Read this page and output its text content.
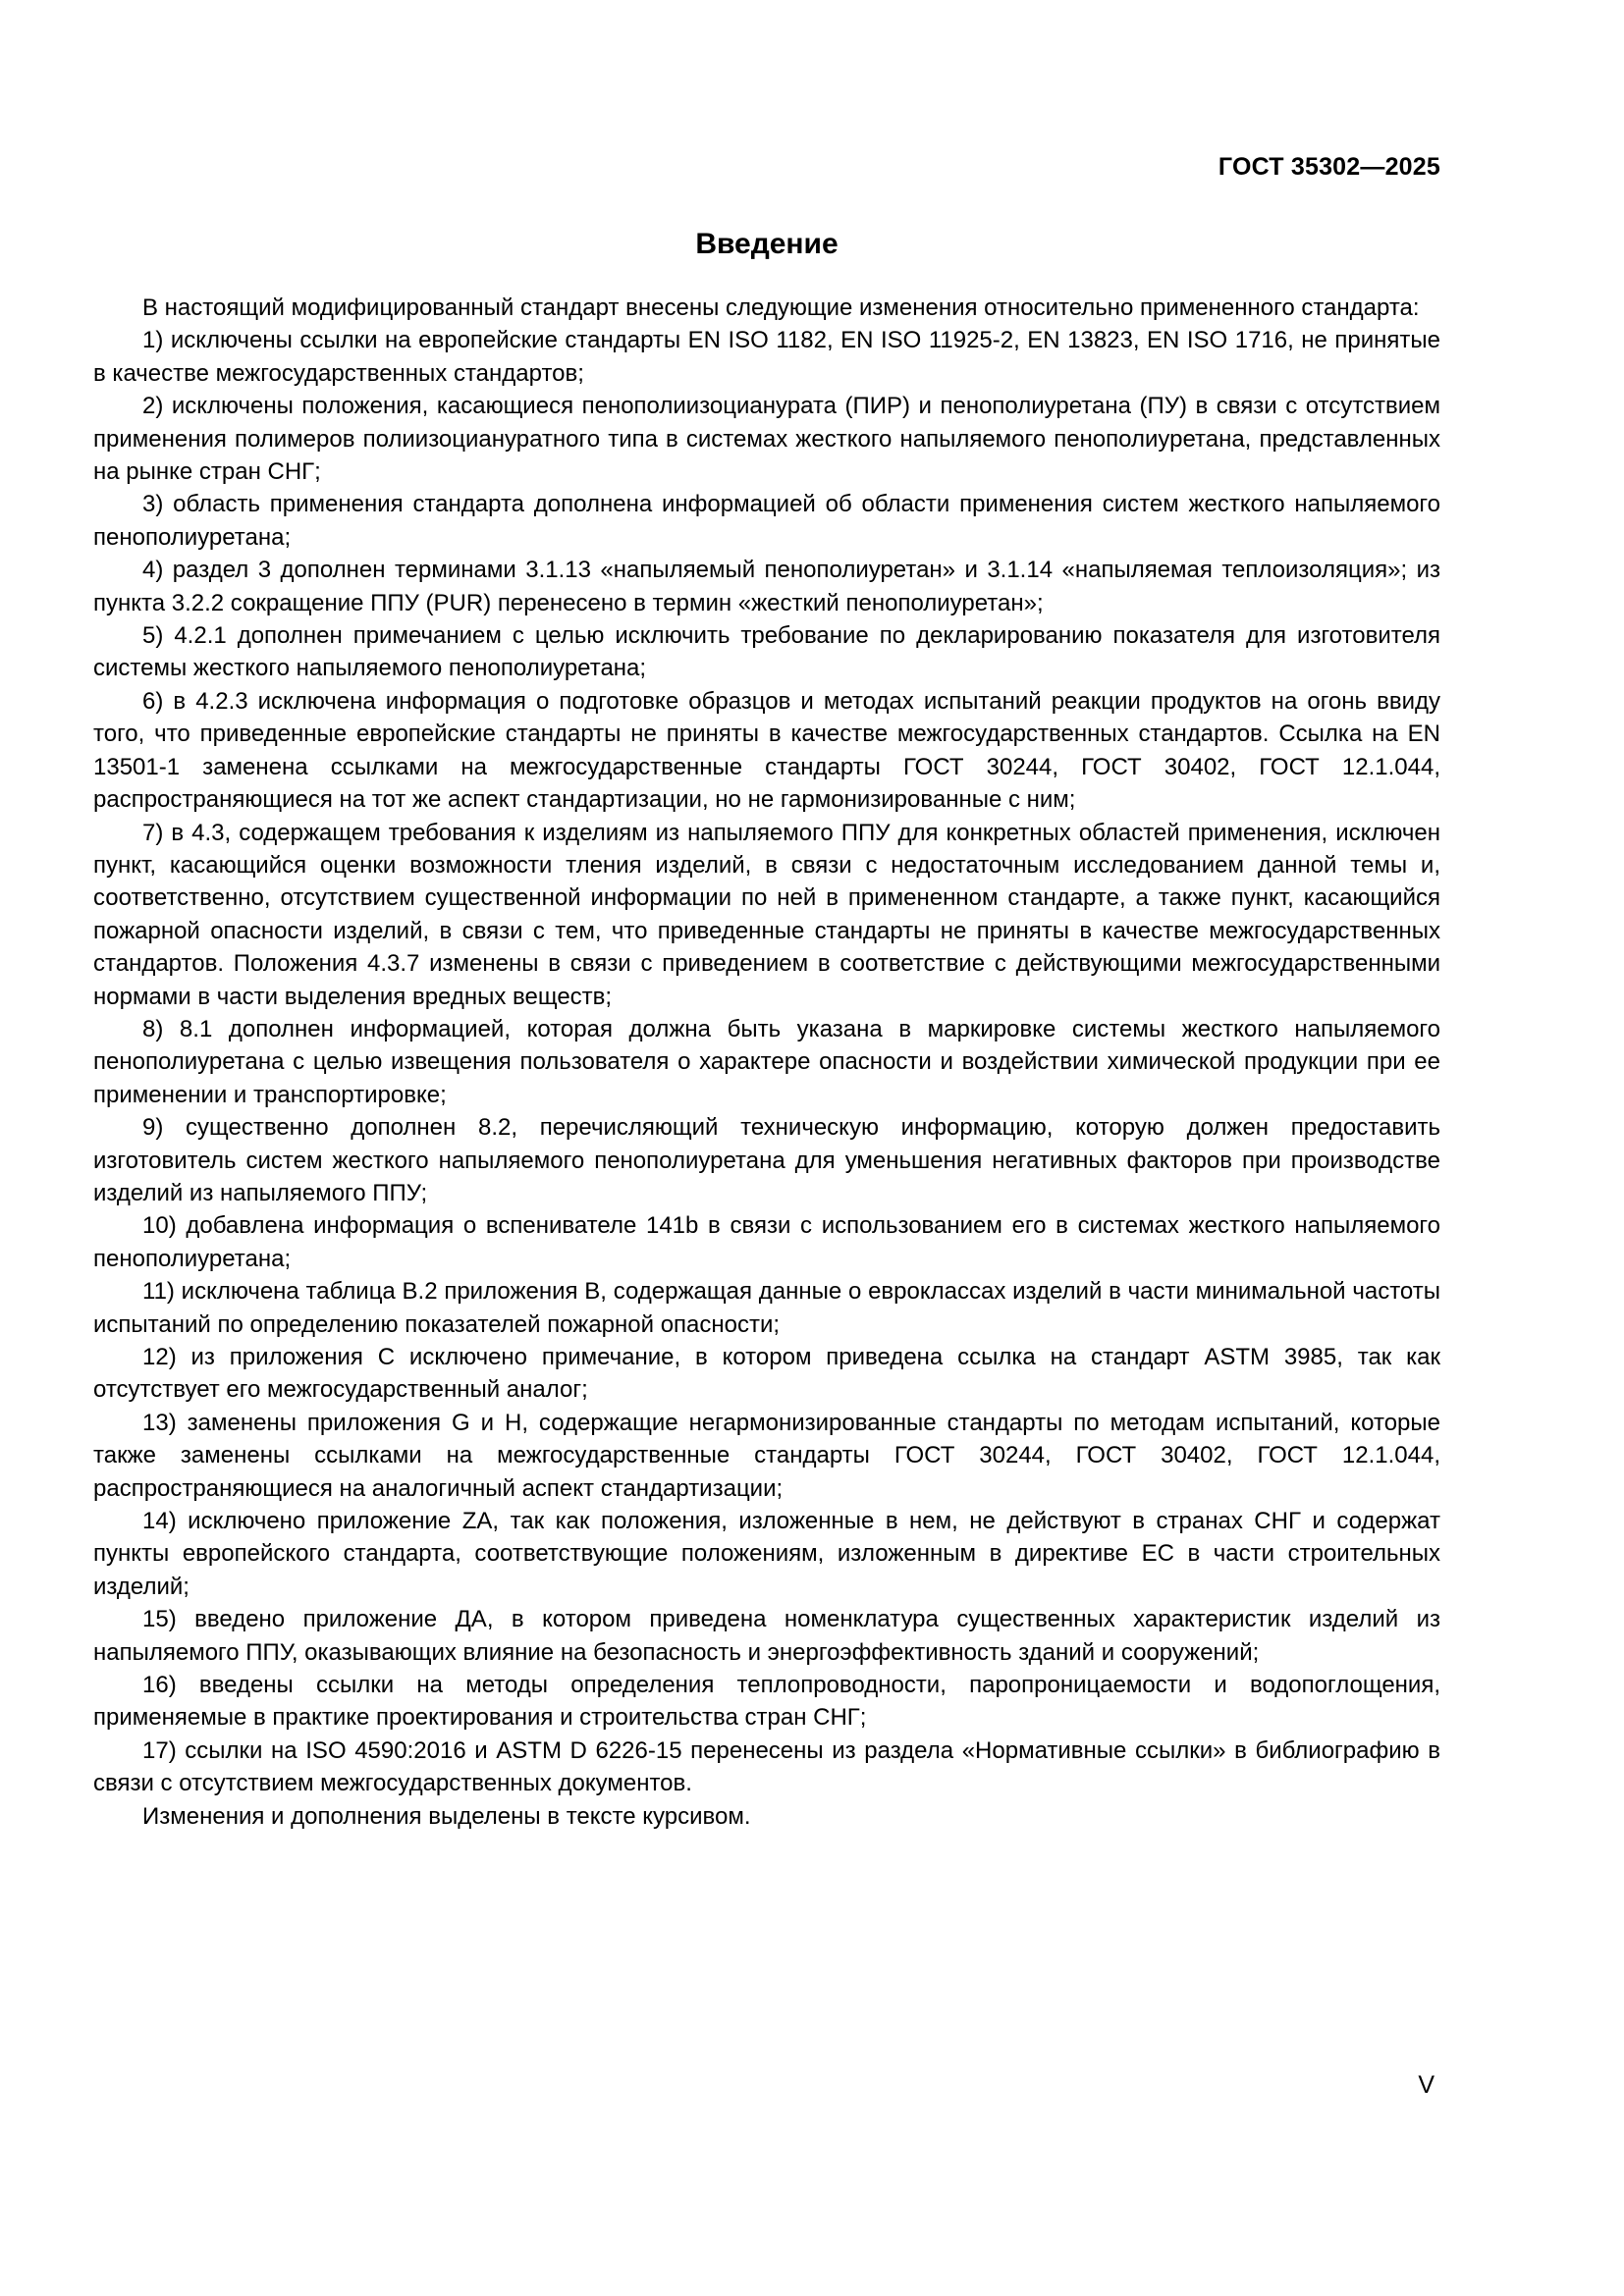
ГОСТ 35302—2025
Введение

В настоящий модифицированный стандарт внесены следующие изменения относительно примененного стандарта:

1) исключены ссылки на европейские стандарты EN ISO 1182, EN ISO 11925-2, EN 13823, EN ISO 1716, не принятые в качестве межгосударственных стандартов;

2) исключены положения, касающиеся пенополиизоцианурата (ПИР) и пенополиуретана (ПУ) в связи с отсутствием применения полимеров полиизоциануратного типа в системах жесткого напыляемого пенополиуретана, представленных на рынке стран СНГ;

3) область применения стандарта дополнена информацией об области применения систем жесткого напыляемого пенополиуретана;

4) раздел 3 дополнен терминами 3.1.13 «напыляемый пенополиуретан» и 3.1.14 «напыляемая теплоизоляция»; из пункта 3.2.2 сокращение ППУ (PUR) перенесено в термин «жесткий пенополиуретан»;

5) 4.2.1 дополнен примечанием с целью исключить требование по декларированию показателя для изготовителя системы жесткого напыляемого пенополиуретана;

6) в 4.2.3 исключена информация о подготовке образцов и методах испытаний реакции продуктов на огонь ввиду того, что приведенные европейские стандарты не приняты в качестве межгосударственных стандартов. Ссылка на EN 13501-1 заменена ссылками на межгосударственные стандарты ГОСТ 30244, ГОСТ 30402, ГОСТ 12.1.044, распространяющиеся на тот же аспект стандартизации, но не гармонизированные с ним;

7) в 4.3, содержащем требования к изделиям из напыляемого ППУ для конкретных областей применения, исключен пункт, касающийся оценки возможности тления изделий, в связи с недостаточным исследованием данной темы и, соответственно, отсутствием существенной информации по ней в примененном стандарте, а также пункт, касающийся пожарной опасности изделий, в связи с тем, что приведенные стандарты не приняты в качестве межгосударственных стандартов. Положения 4.3.7 изменены в связи с приведением в соответствие с действующими межгосударственными нормами в части выделения вредных веществ;

8) 8.1 дополнен информацией, которая должна быть указана в маркировке системы жесткого напыляемого пенополиуретана с целью извещения пользователя о характере опасности и воздействии химической продукции при ее применении и транспортировке;

9) существенно дополнен 8.2, перечисляющий техническую информацию, которую должен предоставить изготовитель систем жесткого напыляемого пенополиуретана для уменьшения негативных факторов при производстве изделий из напыляемого ППУ;

10) добавлена информация о вспенивателе 141b в связи с использованием его в системах жесткого напыляемого пенополиуретана;

11) исключена таблица В.2 приложения В, содержащая данные о евроклассах изделий в части минимальной частоты испытаний по определению показателей пожарной опасности;

12) из приложения С исключено примечание, в котором приведена ссылка на стандарт ASTM 3985, так как отсутствует его межгосударственный аналог;

13) заменены приложения G и H, содержащие негармонизированные стандарты по методам испытаний, которые также заменены ссылками на межгосударственные стандарты ГОСТ 30244, ГОСТ 30402, ГОСТ 12.1.044, распространяющиеся на аналогичный аспект стандартизации;

14) исключено приложение ZA, так как положения, изложенные в нем, не действуют в странах СНГ и содержат пункты европейского стандарта, соответствующие положениям, изложенным в директиве ЕС в части строительных изделий;

15) введено приложение ДА, в котором приведена номенклатура существенных характеристик изделий из напыляемого ППУ, оказывающих влияние на безопасность и энергоэффективность зданий и сооружений;

16) введены ссылки на методы определения теплопроводности, паропроницаемости и водопоглощения, применяемые в практике проектирования и строительства стран СНГ;

17) ссылки на ISO 4590:2016 и ASTM D 6226-15 перенесены из раздела «Нормативные ссылки» в библиографию в связи с отсутствием межгосударственных документов.

Изменения и дополнения выделены в тексте курсивом.

V
